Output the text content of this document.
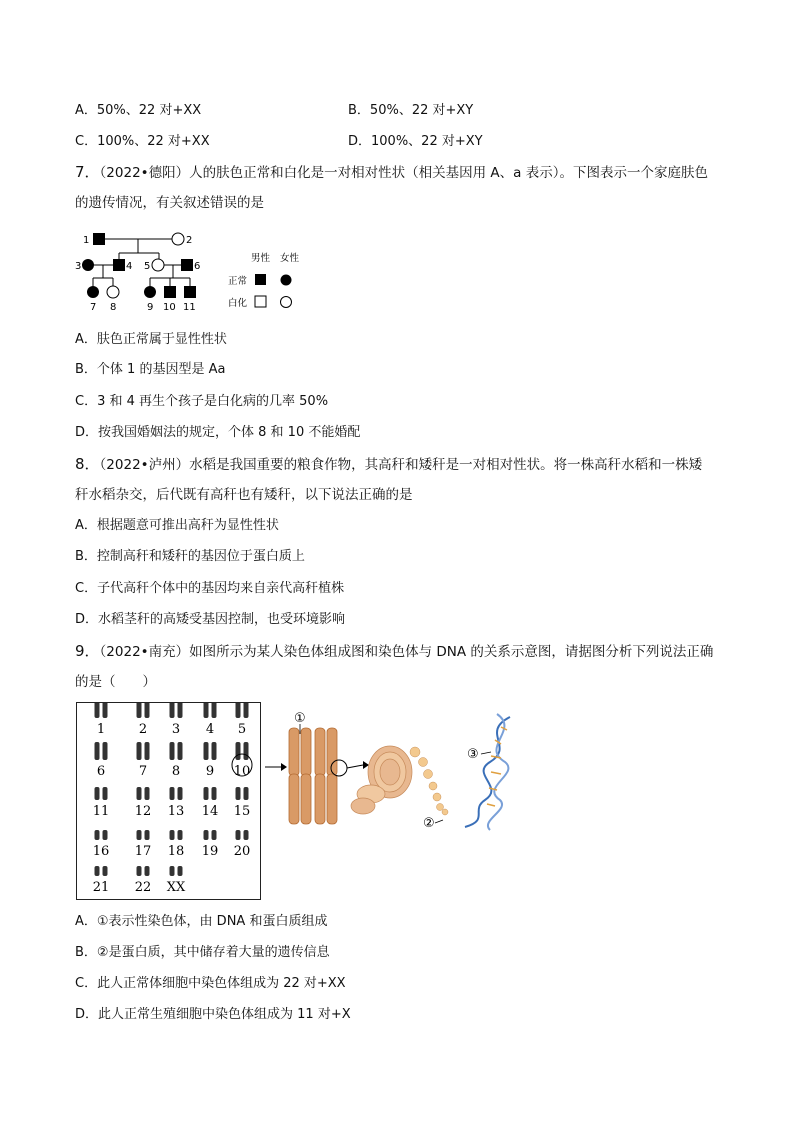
A．50%、22 对+XX	B．50%、22 对+XY
C．100%、22 对+XX	D．100%、22 对+XY
7．（2022•德阳）人的肤色正常和白化是一对相对性状（相关基因用 A、a 表示）。下图表示一个家庭肤色
的遗传情况，有关叙述错误的是
1	2
3	4 5	6
7 8	9 10 11
男性 女性
正常
白化
A．肤色正常属于显性性状
B．个体 1 的基因型是 Aa
C．3 和 4 再生个孩子是白化病的几率 50%
D．按我国婚姻法的规定，个体 8 和 10 不能婚配
8．（2022•泸州）水稻是我国重要的粮食作物，其高秆和矮秆是一对相对性状。将一株高秆水稻和一株矮
秆水稻杂交，后代既有高秆也有矮秆，以下说法正确的是
A．根据题意可推出高秆为显性性状
B．控制高秆和矮秆的基因位于蛋白质上
C．子代高秆个体中的基因均来自亲代高秆植株
D．水稻茎秆的高矮受基因控制，也受环境影响
9．（2022•南充）如图所示为某人染色体组成图和染色体与 DNA 的关系示意图，请据图分析下列说法正确
的是（　　）
1	2 3 4 5
6	7 8 9 10
11 12 13 14 15
16 17 18 19 20
21 22 XX
①
②
③
A．①表示性染色体，由 DNA 和蛋白质组成
B．②是蛋白质，其中储存着大量的遗传信息
C．此人正常体细胞中染色体组成为 22 对+XX
D．此人正常生殖细胞中染色体组成为 11 对+X
